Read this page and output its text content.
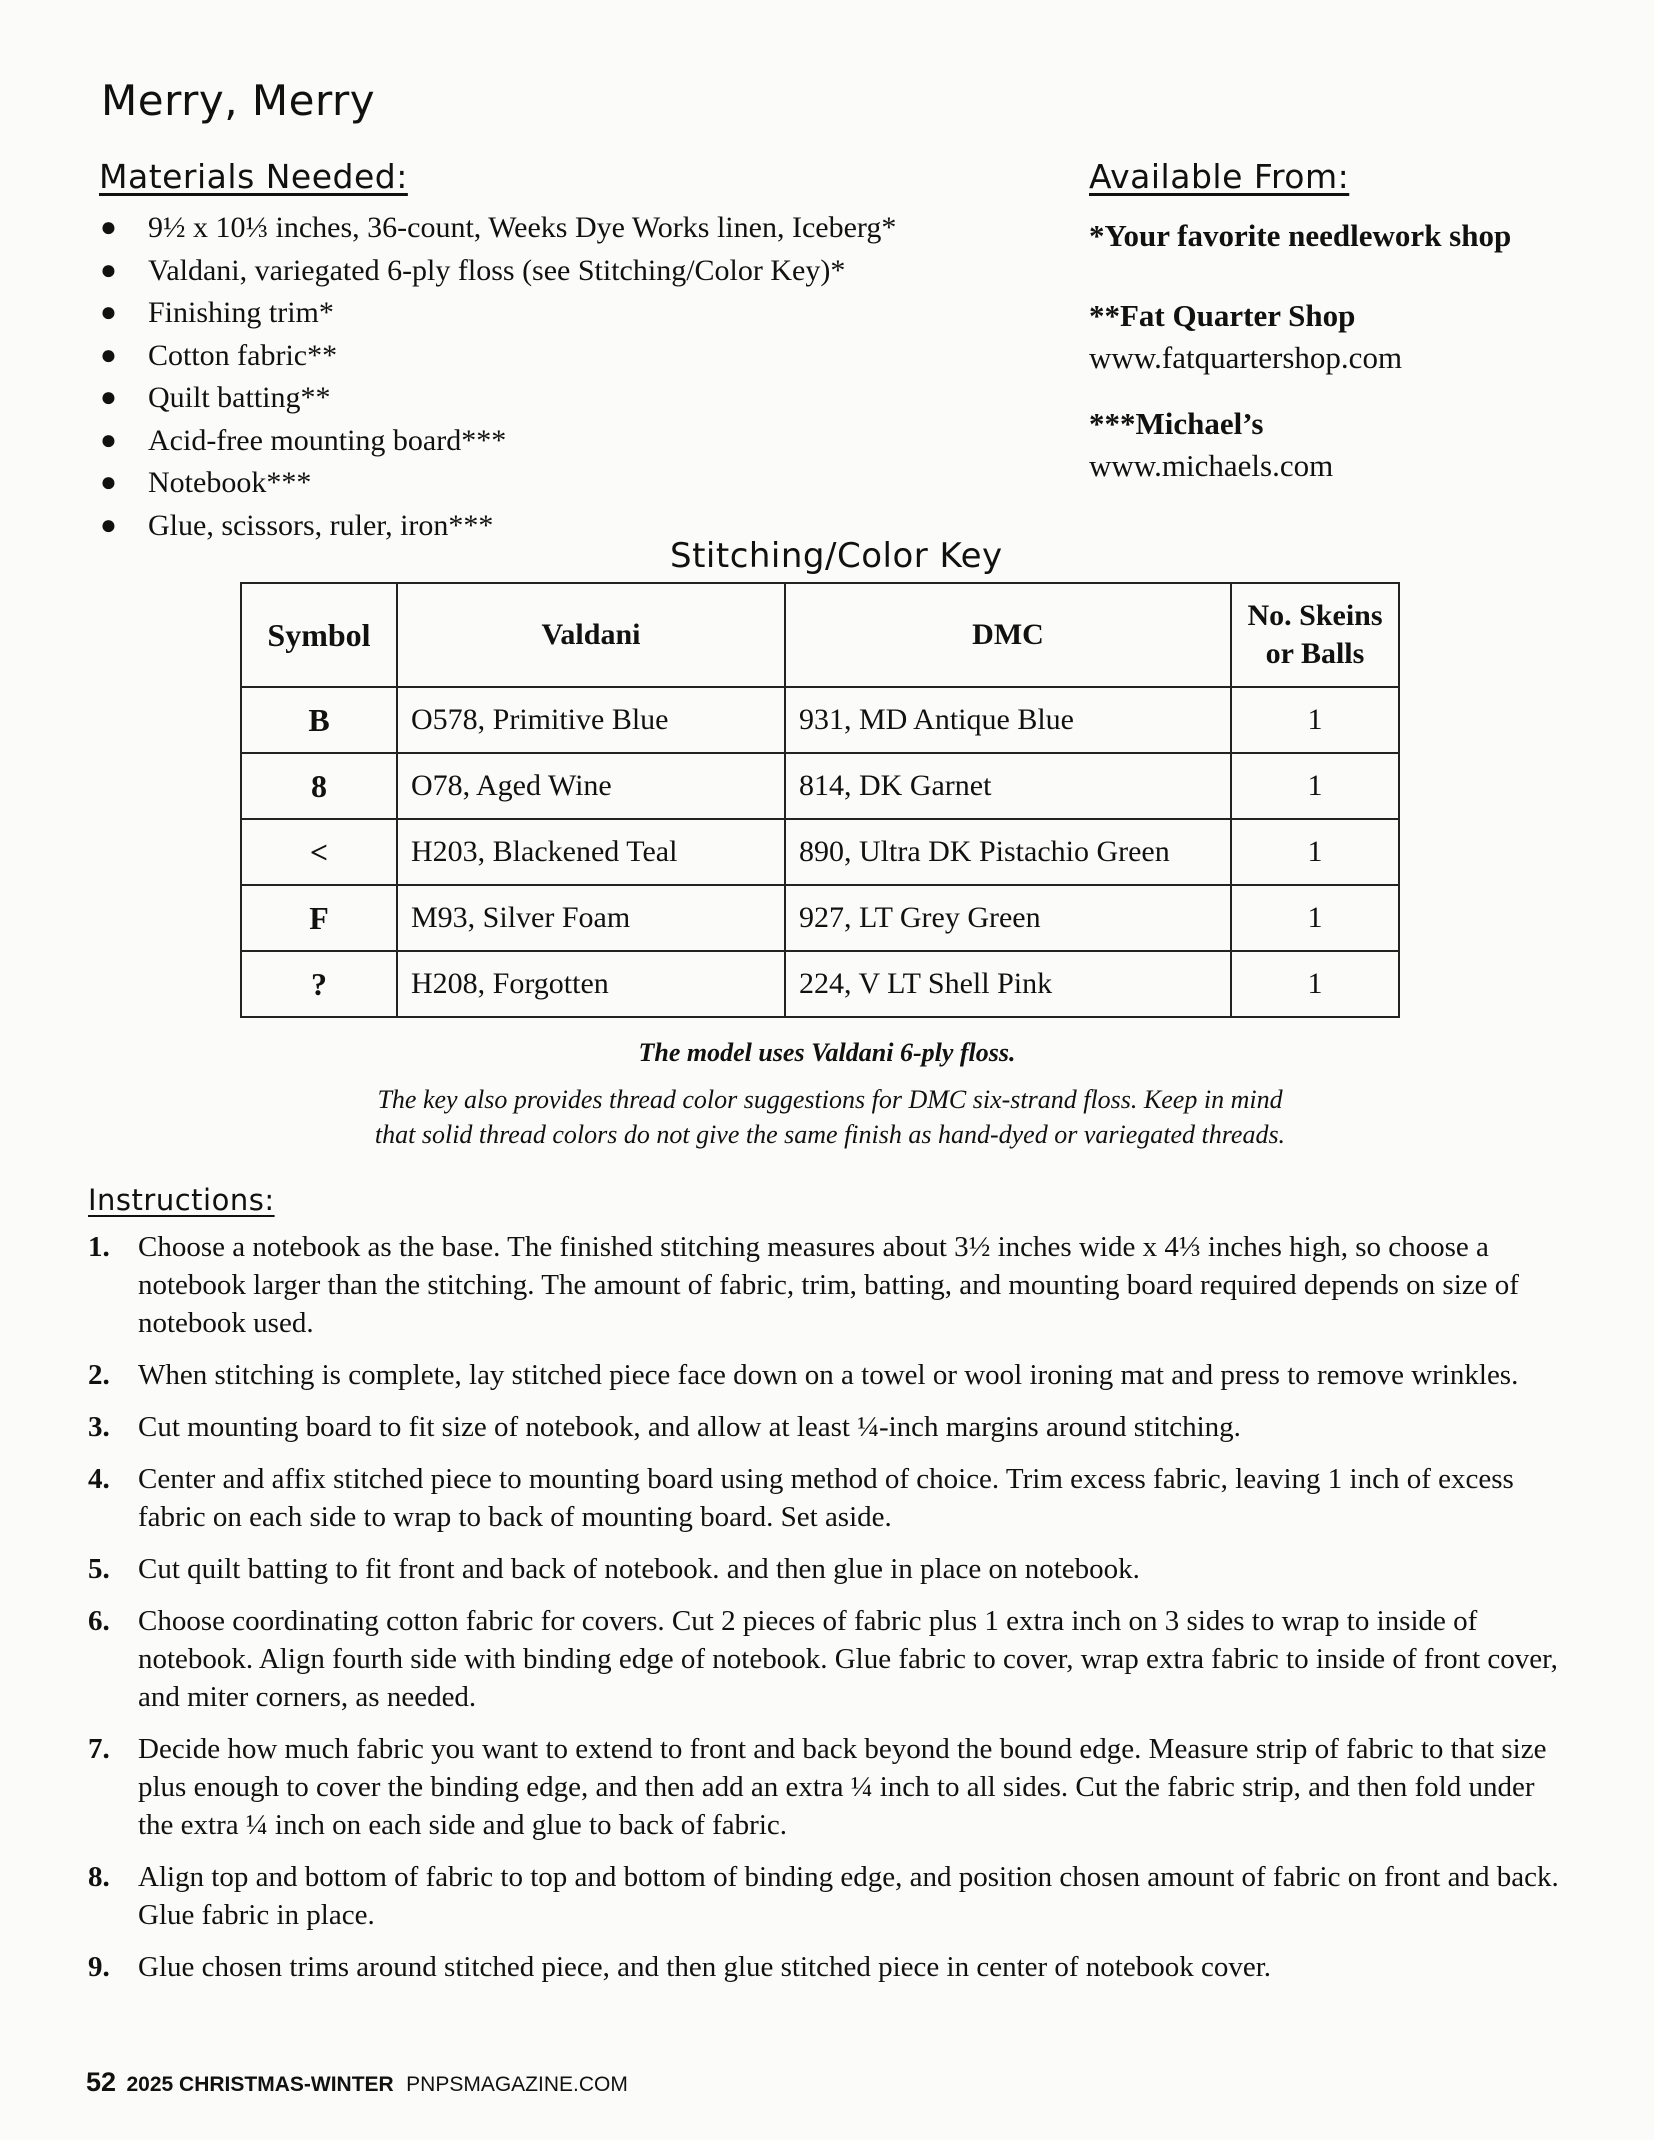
Merry, Merry
Materials Needed:
●	9½ x 10⅓ inches, 36-count, Weeks Dye Works linen, Iceberg*
●	Valdani, variegated 6-ply floss (see Stitching/Color Key)*
●	Finishing trim*
●	Cotton fabric**
●	Quilt batting**
●	Acid-free mounting board***
●	Notebook***
●	Glue, scissors, ruler, iron***
Available From:
*Your favorite needlework shop
**Fat Quarter Shop
www.fatquartershop.com
***Michael’s
www.michaels.com
Stitching/Color Key
Symbol	Valdani	DMC	No. Skeins
or Balls
B	O578, Primitive Blue	931, MD Antique Blue	1
8	O78, Aged Wine	814, DK Garnet	1
<	H203, Blackened Teal	890, Ultra DK Pistachio Green	1
F	M93, Silver Foam	927, LT Grey Green	1
?	H208, Forgotten	224, V LT Shell Pink	1
The model uses Valdani 6-ply floss.
The key also provides thread color suggestions for DMC six-strand floss. Keep in mind
that solid thread colors do not give the same finish as hand-dyed or variegated threads.
Instructions:
1. Choose a notebook as the base. The finished stitching measures about 3½ inches wide x 4⅓ inches high, so choose a notebook larger than the stitching. The amount of fabric, trim, batting, and mounting board required depends on size of notebook used.
2. When stitching is complete, lay stitched piece face down on a towel or wool ironing mat and press to remove wrinkles.
3. Cut mounting board to fit size of notebook, and allow at least ¼-inch margins around stitching.
4. Center and affix stitched piece to mounting board using method of choice. Trim excess fabric, leaving 1 inch of excess fabric on each side to wrap to back of mounting board. Set aside.
5. Cut quilt batting to fit front and back of notebook. and then glue in place on notebook.
6. Choose coordinating cotton fabric for covers. Cut 2 pieces of fabric plus 1 extra inch on 3 sides to wrap to inside of notebook. Align fourth side with binding edge of notebook. Glue fabric to cover, wrap extra fabric to inside of front cover, and miter corners, as needed.
7. Decide how much fabric you want to extend to front and back beyond the bound edge. Measure strip of fabric to that size plus enough to cover the binding edge, and then add an extra ¼ inch to all sides. Cut the fabric strip, and then fold under the extra ¼ inch on each side and glue to back of fabric.
8. Align top and bottom of fabric to top and bottom of binding edge, and position chosen amount of fabric on front and back. Glue fabric in place.
9. Glue chosen trims around stitched piece, and then glue stitched piece in center of notebook cover.
52 2025 CHRISTMAS-WINTER PNPSMAGAZINE.COM
